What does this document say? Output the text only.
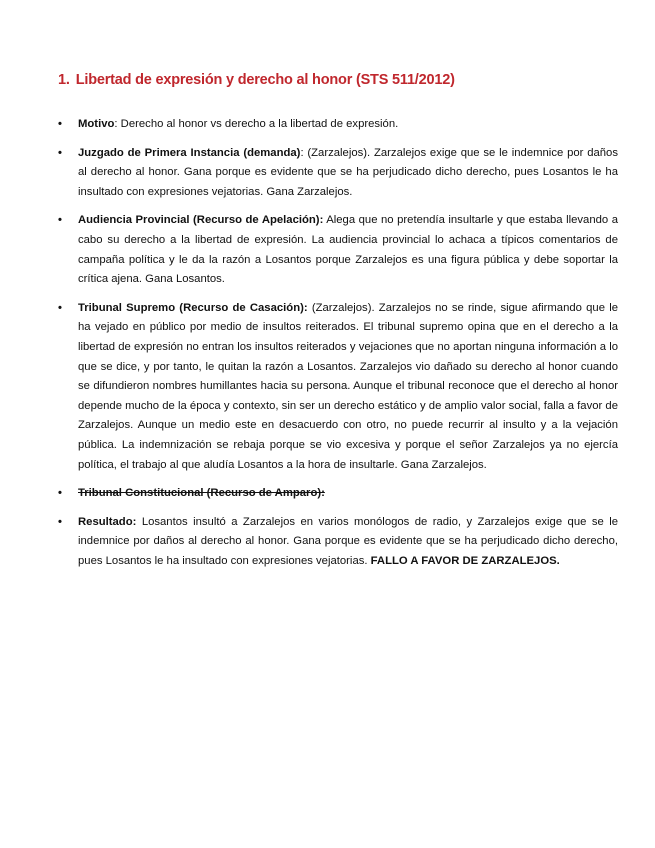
1. Libertad de expresión y derecho al honor (STS 511/2012)
• Motivo: Derecho al honor vs derecho a la libertad de expresión.
• Juzgado de Primera Instancia (demanda): (Zarzalejos). Zarzalejos exige que se le indemnice por daños al derecho al honor. Gana porque es evidente que se ha perjudicado dicho derecho, pues Losantos le ha insultado con expresiones vejatorias. Gana Zarzalejos.
• Audiencia Provincial (Recurso de Apelación): Alega que no pretendía insultarle y que estaba llevando a cabo su derecho a la libertad de expresión. La audiencia provincial lo achaca a típicos comentarios de campaña política y le da la razón a Losantos porque Zarzalejos es una figura pública y debe soportar la crítica ajena. Gana Losantos.
• Tribunal Supremo (Recurso de Casación): (Zarzalejos). Zarzalejos no se rinde, sigue afirmando que le ha vejado en público por medio de insultos reiterados. El tribunal supremo opina que en el derecho a la libertad de expresión no entran los insultos reiterados y vejaciones que no aportan ninguna información a lo que se dice, y por tanto, le quitan la razón a Losantos. Zarzalejos vio dañado su derecho al honor cuando se difundieron nombres humillantes hacia su persona. Aunque el tribunal reconoce que el derecho al honor depende mucho de la época y contexto, sin ser un derecho estático y de amplio valor social, falla a favor de Zarzalejos. Aunque un medio este en desacuerdo con otro, no puede recurrir al insulto y a la vejación pública. La indemnización se rebaja porque se vio excesiva y porque el señor Zarzalejos ya no ejercía política, el trabajo al que aludía Losantos a la hora de insultarle. Gana Zarzalejos.
• Tribunal Constitucional (Recurso de Amparo):
• Resultado: Losantos insultó a Zarzalejos en varios monólogos de radio, y Zarzalejos exige que se le indemnice por daños al derecho al honor. Gana porque es evidente que se ha perjudicado dicho derecho, pues Losantos le ha insultado con expresiones vejatorias. FALLO A FAVOR DE ZARZALEJOS.
